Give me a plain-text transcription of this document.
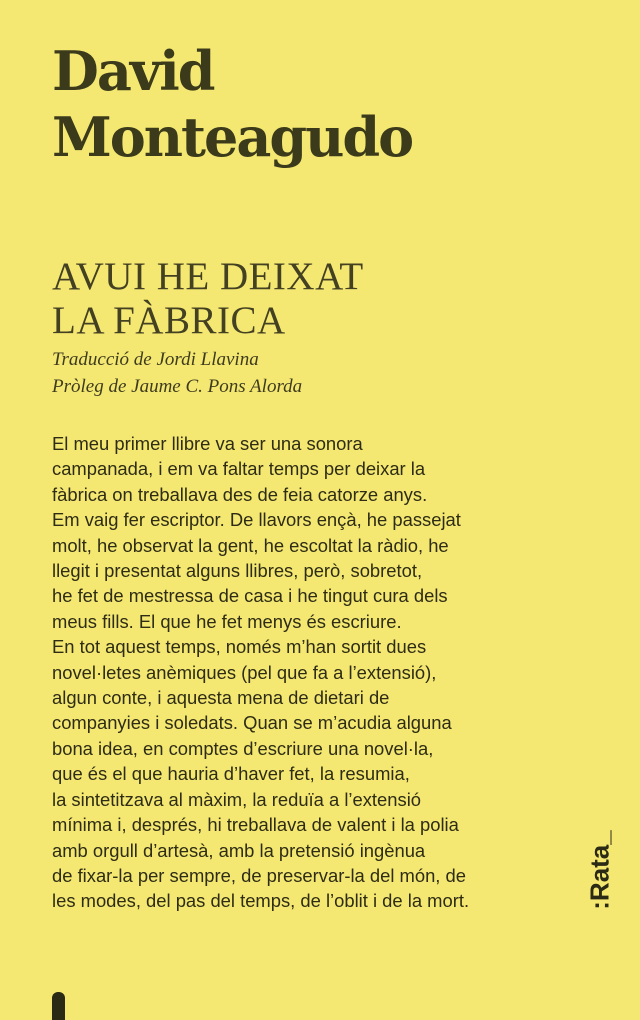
David
Monteagudo
AVUI HE DEIXAT
LA FÀBRICA
Traducció de Jordi Llavina
Pròleg de Jaume C. Pons Alorda
El meu primer llibre va ser una sonora
campanada, i em va faltar temps per deixar la
fàbrica on treballava des de feia catorze anys.
Em vaig fer escriptor. De llavors ençà, he passejat
molt, he observat la gent, he escoltat la ràdio, he
llegit i presentat alguns llibres, però, sobretot,
he fet de mestressa de casa i he tingut cura dels
meus fills. El que he fet menys és escriure.
En tot aquest temps, només m’han sortit dues
novel·letes anèmiques (pel que fa a l’extensió),
algun conte, i aquesta mena de dietari de
companyies i soledats. Quan se m’acudia alguna
bona idea, en comptes d’escriure una novel·la,
que és el que hauria d’haver fet, la resumia,
la sintetitzava al màxim, la reduïa a l’extensió
mínima i, després, hi treballava de valent i la polia
amb orgull d’artesà, amb la pretensió ingènua
de fixar-la per sempre, de preservar-la del món, de
les modes, del pas del temps, de l’oblit i de la mort.	:Rata_
